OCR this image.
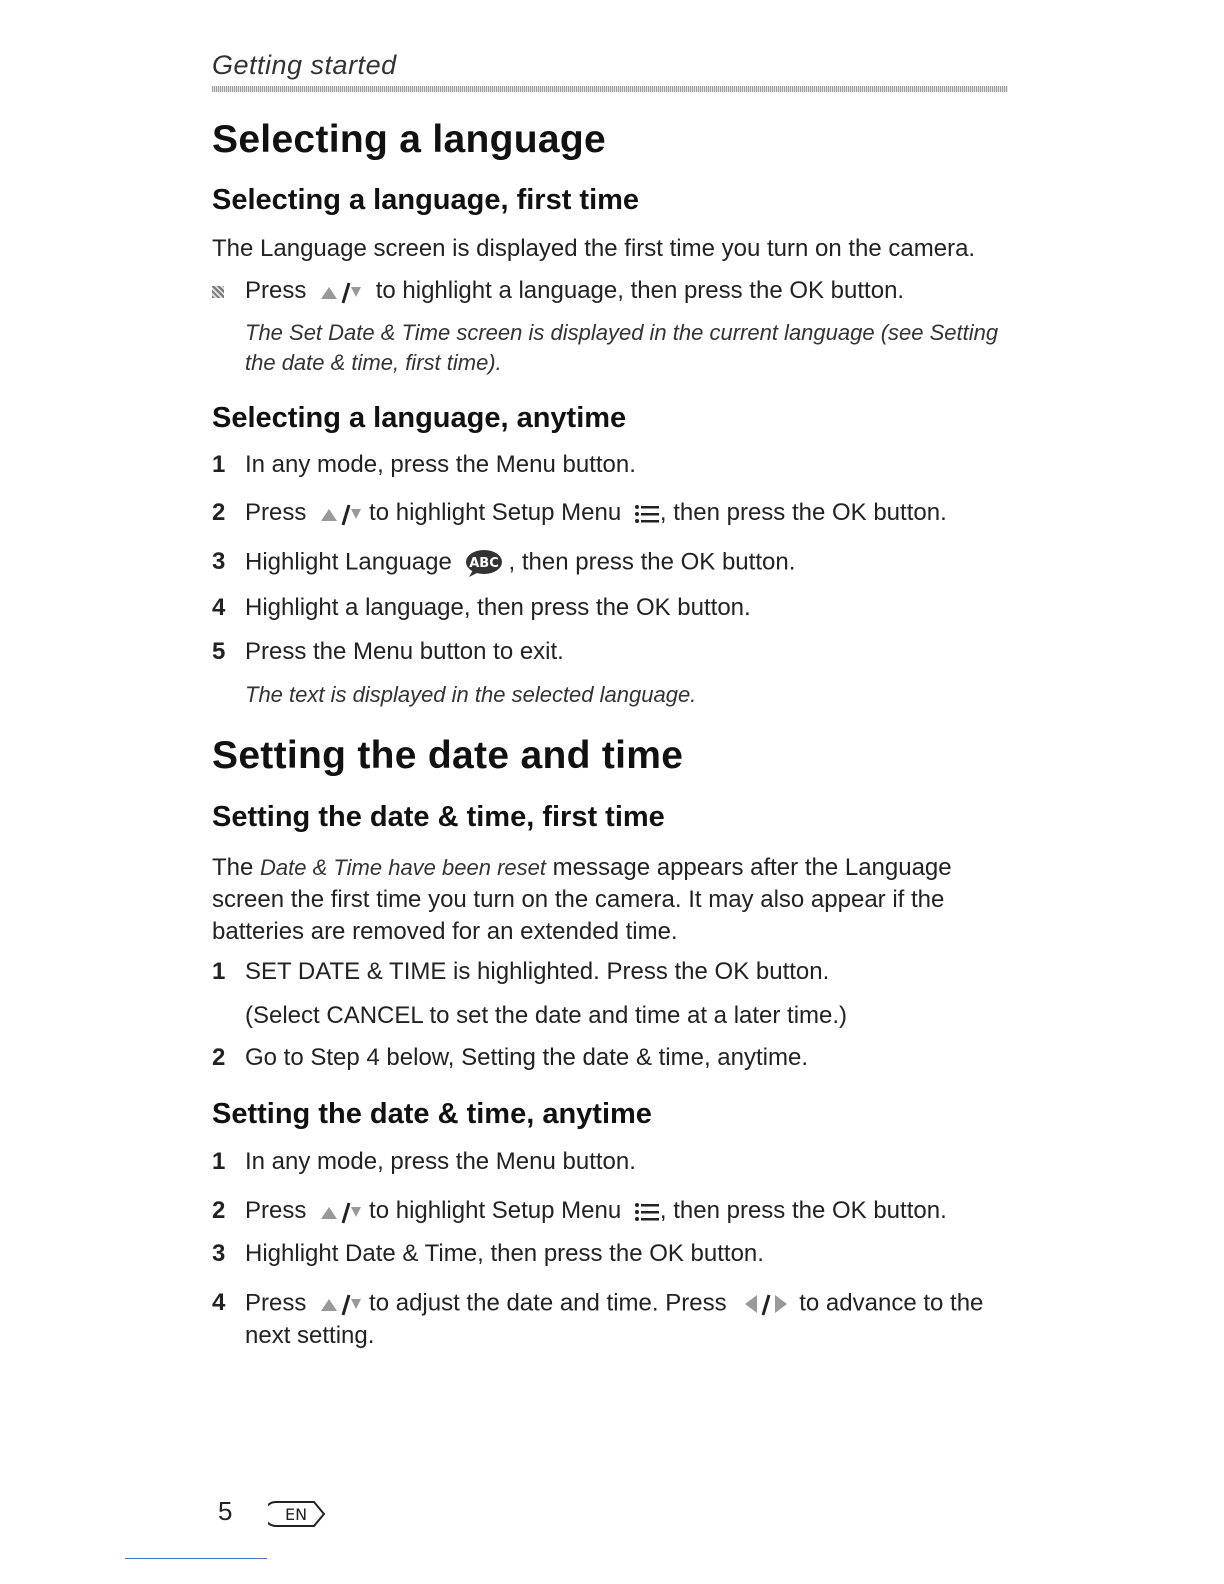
Getting started
Selecting a language
Selecting a language, first time
The Language screen is displayed the first time you turn on the camera.
Press	to highlight a language, then press the OK button.
The Set Date & Time screen is displayed in the current language (see Setting the date & time, first time).
Selecting a language, anytime
1 In any mode, press the Menu button.
2 Press	to highlight Setup Menu , then press the OK button.
3 Highlight Language ABC , then press the OK button.
4 Highlight a language, then press the OK button.
5 Press the Menu button to exit.
The text is displayed in the selected language.
Setting the date and time
Setting the date & time, first time
The Date & Time have been reset message appears after the Language screen the first time you turn on the camera. It may also appear if the batteries are removed for an extended time.
1 SET DATE & TIME is highlighted. Press the OK button.
(Select CANCEL to set the date and time at a later time.)
2 Go to Step 4 below, Setting the date & time, anytime.
Setting the date & time, anytime
1 In any mode, press the Menu button.
2 Press	to highlight Setup Menu , then press the OK button.
3 Highlight Date & Time, then press the OK button.
4 Press	to adjust the date and time. Press	to advance to the
next setting.
5	EN
